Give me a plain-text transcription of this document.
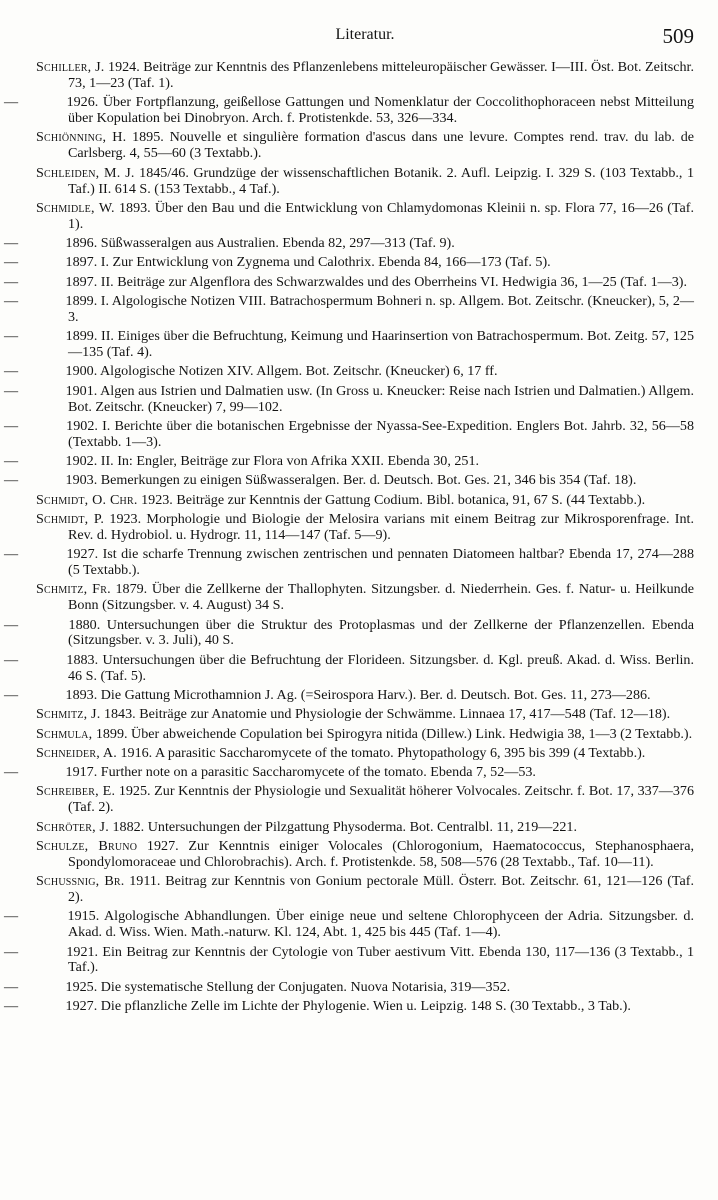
Literatur.	509

Schiller, J. 1924. Beiträge zur Kenntnis des Pflanzenlebens mitteleuropäischer Gewässer. I—III. Öst. Bot. Zeitschr. 73, 1—23 (Taf. 1).

—	1926. Über Fortpflanzung, geißellose Gattungen und Nomenklatur der Coccolithophoraceen nebst Mitteilung über Kopulation bei Dinobryon. Arch. f. Protistenkde. 53, 326—334.

Schiönning, H. 1895. Nouvelle et singulière formation d'ascus dans une levure. Comptes rend. trav. du lab. de Carlsberg. 4, 55—60 (3 Textabb.).

Schleiden, M. J. 1845/46. Grundzüge der wissenschaftlichen Botanik. 2. Aufl. Leipzig. I. 329 S. (103 Textabb., 1 Taf.) II. 614 S. (153 Textabb., 4 Taf.).

Schmidle, W. 1893. Über den Bau und die Entwicklung von Chlamydomonas Kleinii n. sp. Flora 77, 16—26 (Taf. 1).

—	1896. Süßwasseralgen aus Australien. Ebenda 82, 297—313 (Taf. 9).

—	1897. I. Zur Entwicklung von Zygnema und Calothrix. Ebenda 84, 166—173 (Taf. 5).

—	1897. II. Beiträge zur Algenflora des Schwarzwaldes und des Oberrheins VI. Hedwigia 36, 1—25 (Taf. 1—3).

—	1899. I. Algologische Notizen VIII. Batrachospermum Bohneri n. sp. Allgem. Bot. Zeitschr. (Kneucker), 5, 2—3.

—	1899. II. Einiges über die Befruchtung, Keimung und Haarinsertion von Batrachospermum. Bot. Zeitg. 57, 125—135 (Taf. 4).

—	1900. Algologische Notizen XIV. Allgem. Bot. Zeitschr. (Kneucker) 6, 17 ff.

—	1901. Algen aus Istrien und Dalmatien usw. (In Gross u. Kneucker: Reise nach Istrien und Dalmatien.) Allgem. Bot. Zeitschr. (Kneucker) 7, 99—102.

—	1902. I. Berichte über die botanischen Ergebnisse der Nyassa-See-Expedition. Englers Bot. Jahrb. 32, 56—58 (Textabb. 1—3).

—	1902. II. In: Engler, Beiträge zur Flora von Afrika XXII. Ebenda 30, 251.

—	1903. Bemerkungen zu einigen Süßwasseralgen. Ber. d. Deutsch. Bot. Ges. 21, 346 bis 354 (Taf. 18).

Schmidt, O. Chr. 1923. Beiträge zur Kenntnis der Gattung Codium. Bibl. botanica, 91, 67 S. (44 Textabb.).

Schmidt, P. 1923. Morphologie und Biologie der Melosira varians mit einem Beitrag zur Mikrosporenfrage. Int. Rev. d. Hydrobiol. u. Hydrogr. 11, 114—147 (Taf. 5—9).

—	1927. Ist die scharfe Trennung zwischen zentrischen und pennaten Diatomeen haltbar? Ebenda 17, 274—288 (5 Textabb.).

Schmitz, Fr. 1879. Über die Zellkerne der Thallophyten. Sitzungsber. d. Niederrhein. Ges. f. Natur- u. Heilkunde Bonn (Sitzungsber. v. 4. August) 34 S.

—	1880. Untersuchungen über die Struktur des Protoplasmas und der Zellkerne der Pflanzenzellen. Ebenda (Sitzungsber. v. 3. Juli), 40 S.

—	1883. Untersuchungen über die Befruchtung der Florideen. Sitzungsber. d. Kgl. preuß. Akad. d. Wiss. Berlin. 46 S. (Taf. 5).

—	1893. Die Gattung Microthamnion J. Ag. (=Seirospora Harv.). Ber. d. Deutsch. Bot. Ges. 11, 273—286.

Schmitz, J. 1843. Beiträge zur Anatomie und Physiologie der Schwämme. Linnaea 17, 417—548 (Taf. 12—18).

Schmula, 1899. Über abweichende Copulation bei Spirogyra nitida (Dillew.) Link. Hedwigia 38, 1—3 (2 Textabb.).

Schneider, A. 1916. A parasitic Saccharomycete of the tomato. Phytopathology 6, 395 bis 399 (4 Textabb.).

—	1917. Further note on a parasitic Saccharomycete of the tomato. Ebenda 7, 52—53.

Schreiber, E. 1925. Zur Kenntnis der Physiologie und Sexualität höherer Volvocales. Zeitschr. f. Bot. 17, 337—376 (Taf. 2).

Schröter, J. 1882. Untersuchungen der Pilzgattung Physoderma. Bot. Centralbl. 11, 219—221.

Schulze, Bruno 1927. Zur Kenntnis einiger Volocales (Chlorogonium, Haematococcus, Stephanosphaera, Spondylomoraceae und Chlorobrachis). Arch. f. Protistenkde. 58, 508—576 (28 Textabb., Taf. 10—11).

Schussnig, Br. 1911. Beitrag zur Kenntnis von Gonium pectorale Müll. Österr. Bot. Zeitschr. 61, 121—126 (Taf. 2).

—	1915. Algologische Abhandlungen. Über einige neue und seltene Chlorophyceen der Adria. Sitzungsber. d. Akad. d. Wiss. Wien. Math.-naturw. Kl. 124, Abt. 1, 425 bis 445 (Taf. 1—4).

—	1921. Ein Beitrag zur Kenntnis der Cytologie von Tuber aestivum Vitt. Ebenda 130, 117—136 (3 Textabb., 1 Taf.).

—	1925. Die systematische Stellung der Conjugaten. Nuova Notarisia, 319—352.

—	1927. Die pflanzliche Zelle im Lichte der Phylogenie. Wien u. Leipzig. 148 S. (30 Textabb., 3 Tab.).
